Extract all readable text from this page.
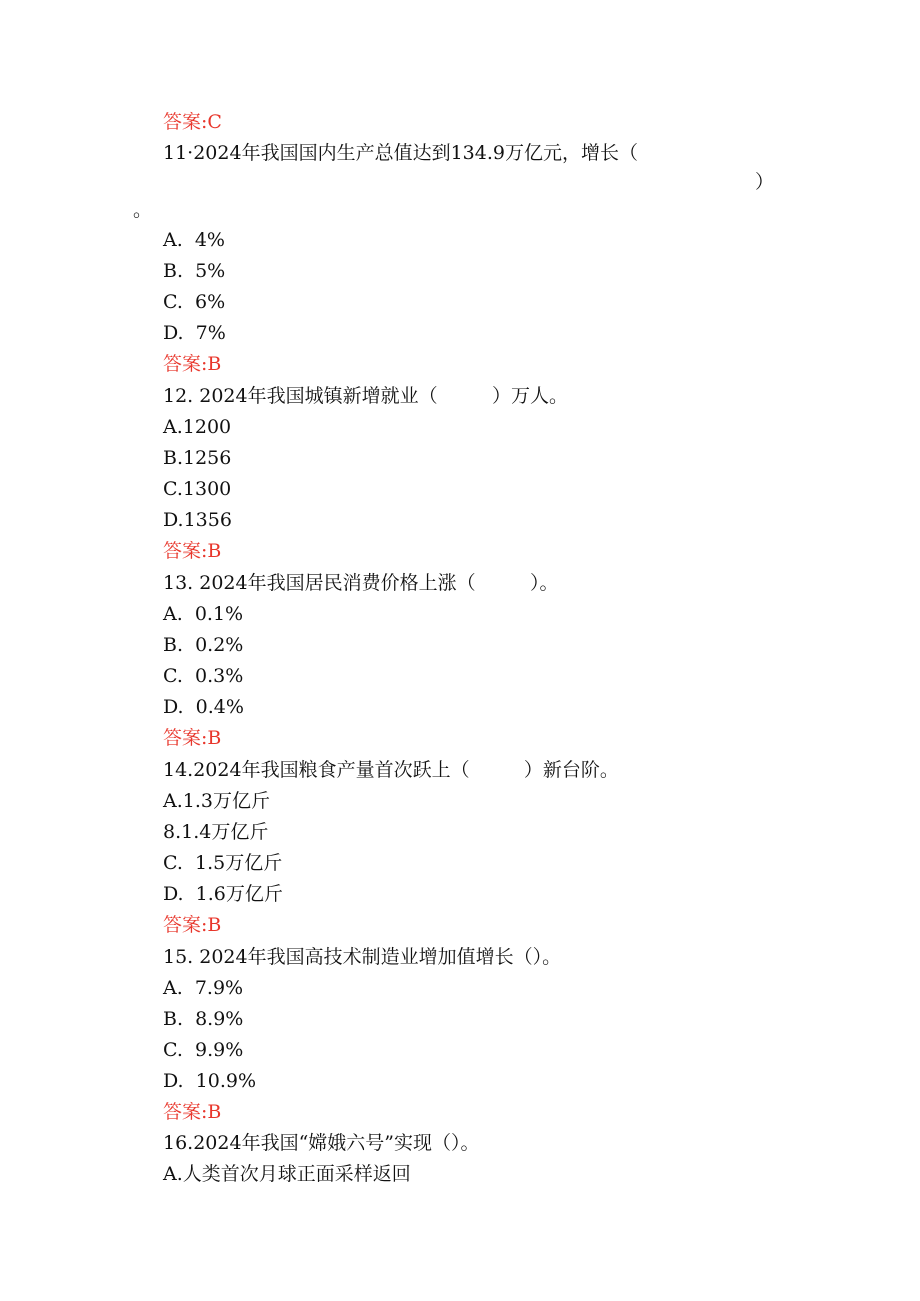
答案:C
11·2024年我国国内生产总值达到134.9万亿元，增长（
）
。
A.  4%
B.  5%
C.  6%
D.  7%
答案:B
12. 2024年我国城镇新增就业（         ）万人。
A.1200
B.1256
C.1300
D.1356
答案:B
13. 2024年我国居民消费价格上涨（         ）。
A.  0.1%
B.  0.2%
C.  0.3%
D.  0.4%
答案:B
14.2024年我国粮食产量首次跃上（         ）新台阶。
A.1.3万亿斤
8.1.4万亿斤
C.  1.5万亿斤
D.  1.6万亿斤
答案:B
15. 2024年我国高技术制造业增加值增长（）。
A.  7.9%
B.  8.9%
C.  9.9%
D.  10.9%
答案:B
16.2024年我国“嫦娥六号”实现（）。
A.人类首次月球正面采样返回
